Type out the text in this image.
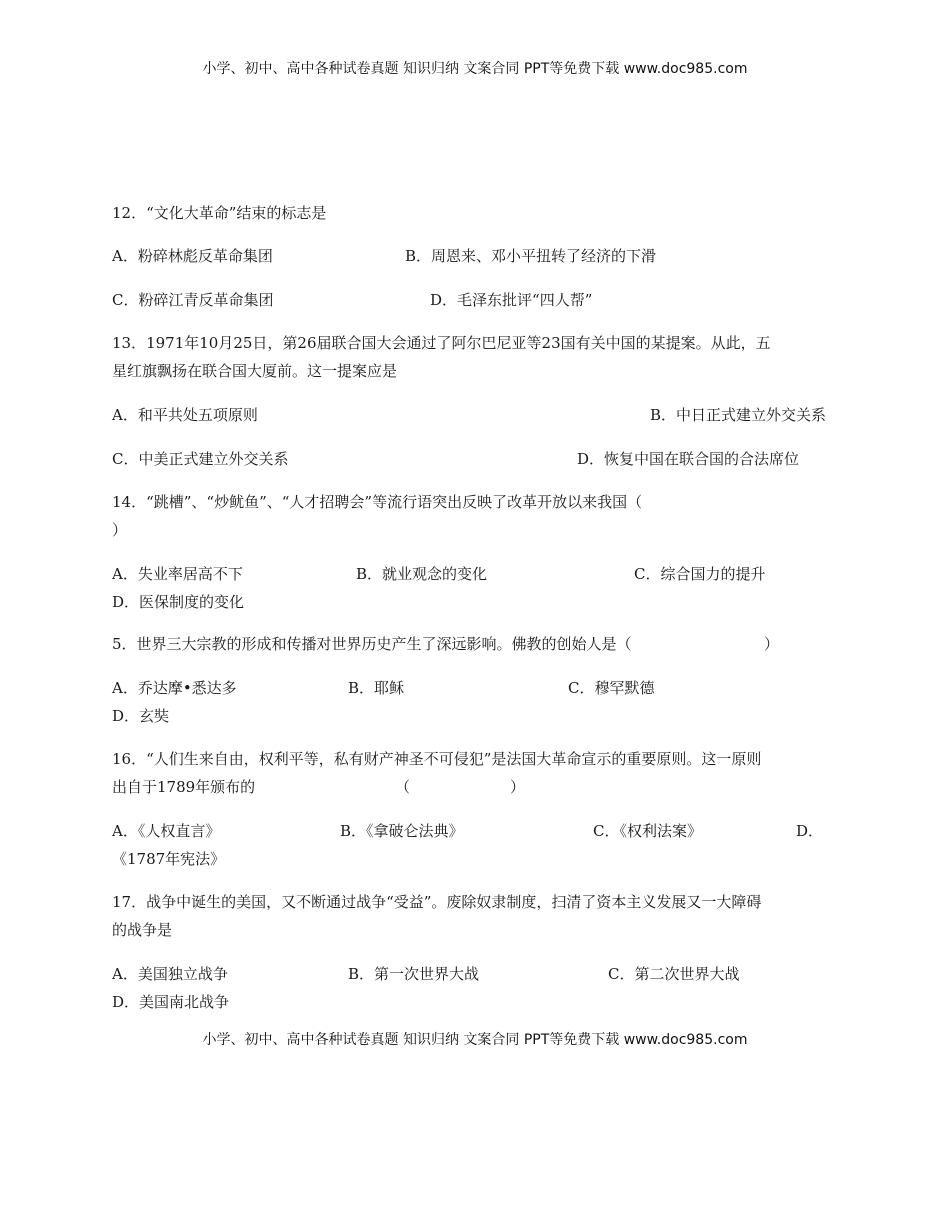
小学、初中、高中各种试卷真题 知识归纳 文案合同 PPT等免费下载 www.doc985.com
12．“文化大革命”结束的标志是
A．粉碎林彪反革命集团	B．周恩来、邓小平扭转了经济的下滑
C．粉碎江青反革命集团	D．毛泽东批评“四人帮”
13．1971年10月25日，第26届联合国大会通过了阿尔巴尼亚等23国有关中国的某提案。从此，五
星红旗飘扬在联合国大厦前。这一提案应是
A．和平共处五项原则	B．中日正式建立外交关系
C．中美正式建立外交关系	D．恢复中国在联合国的合法席位
14．“跳槽”、“炒鱿鱼”、“人才招聘会”等流行语突出反映了改革开放以来我国（
）
A．失业率居高不下	B．就业观念的变化	C．综合国力的提升
D．医保制度的变化
5．世界三大宗教的形成和传播对世界历史产生了深远影响。佛教的创始人是（	）
A．乔达摩•悉达多	B．耶稣	C．穆罕默德
D．玄奘
16．“人们生来自由，权利平等，私有财产神圣不可侵犯”是法国大革命宣示的重要原则。这一原则
出自于1789年颁布的	（	）
A．《人权直言》	B．《拿破仑法典》	C．《权利法案》	D．
《1787年宪法》
17．战争中诞生的美国，又不断通过战争“受益”。废除奴隶制度，扫清了资本主义发展又一大障碍
的战争是
A．美国独立战争	B．第一次世界大战	C．第二次世界大战
D．美国南北战争
小学、初中、高中各种试卷真题 知识归纳 文案合同 PPT等免费下载 www.doc985.com
